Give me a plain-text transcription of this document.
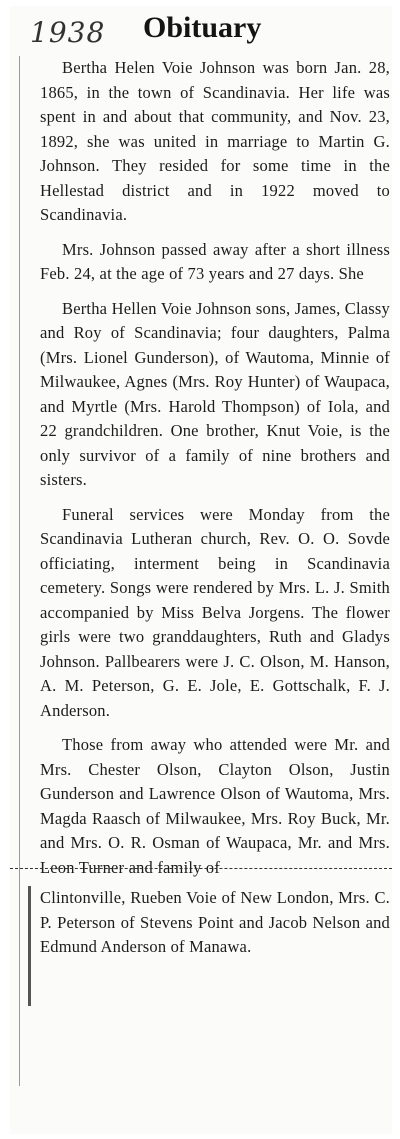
1938 Obituary

Bertha Helen Voie Johnson was born Jan. 28, 1865, in the town of Scandinavia. Her life was spent in and about that community, and Nov. 23, 1892, she was united in marriage to Martin G. Johnson. They resided for some time in the Hellestad district and in 1922 moved to Scandinavia.

Mrs. Johnson passed away after a short illness Feb. 24, at the age of 73 years and 27 days. She

Bertha Hellen Voie Johnson sons, James, Classy and Roy of Scandinavia; four daughters, Palma (Mrs. Lionel Gunderson), of Wautoma, Minnie of Milwaukee, Agnes (Mrs. Roy Hunter) of Waupaca, and Myrtle (Mrs. Harold Thompson) of Iola, and 22 grandchildren. One brother, Knut Voie, is the only survivor of a family of nine brothers and sisters.

Funeral services were Monday from the Scandinavia Lutheran church, Rev. O. O. Sovde officiating, interment being in Scandinavia cemetery. Songs were rendered by Mrs. L. J. Smith accompanied by Miss Belva Jorgens. The flower girls were two granddaughters, Ruth and Gladys Johnson. Pallbearers were J. C. Olson, M. Hanson, A. M. Peterson, G. E. Jole, E. Gottschalk, F. J. Anderson.

Those from away who attended were Mr. and Mrs. Chester Olson, Clayton Olson, Justin Gunderson and Lawrence Olson of Wautoma, Mrs. Magda Raasch of Milwaukee, Mrs. Roy Buck, Mr. and Mrs. O. R. Osman of Waupaca, Mr. and Mrs. Leon Turner and family of

Clintonville, Rueben Voie of New London, Mrs. C. P. Peterson of Stevens Point and Jacob Nelson and Edmund Anderson of Manawa.
